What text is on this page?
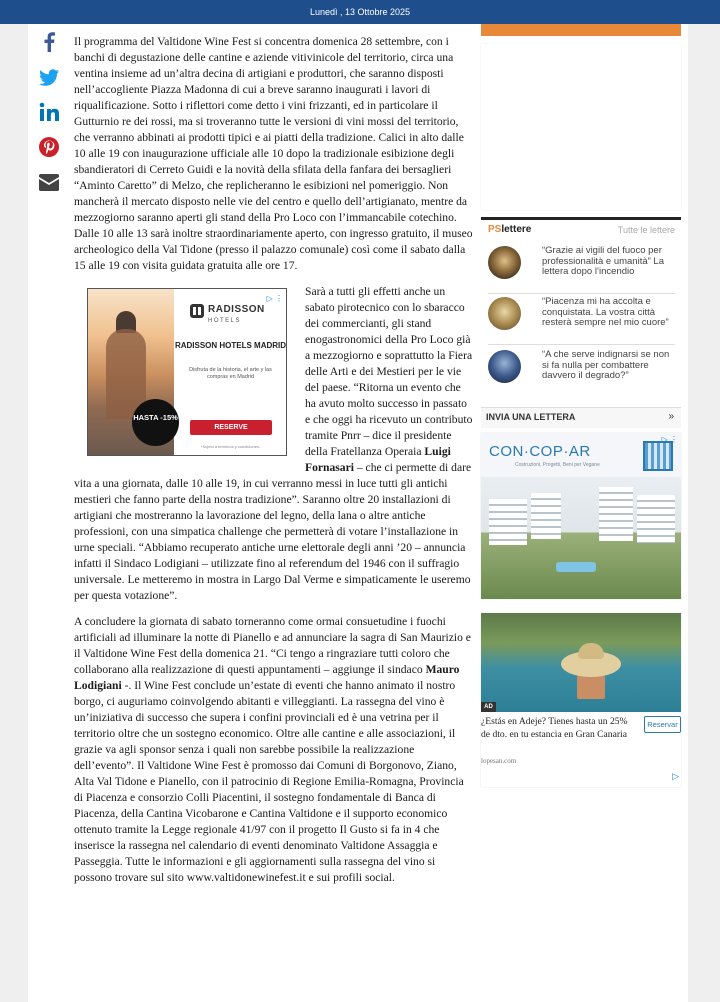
Lunedì , 13 Ottobre 2025

Il programma del Valtidone Wine Fest si concentra domenica 28 settembre, con i banchi di degustazione delle cantine e aziende vitivinicole del territorio, circa una ventina insieme ad un’altra decina di artigiani e produttori, che saranno disposti nell’accogliente Piazza Madonna di cui a breve saranno inaugurati i lavori di riqualificazione. Sotto i riflettori come detto i vini frizzanti, ed in particolare il Gutturnio re dei rossi, ma si troveranno tutte le versioni di vini mossi del territorio, che verranno abbinati ai prodotti tipici e ai piatti della tradizione. Calici in alto dalle 10 alle 19 con inaugurazione ufficiale alle 10 dopo la tradizionale esibizione degli sbandieratori di Cerreto Guidi e la novità della sfilata della fanfara dei bersaglieri “Aminto Caretto” di Melzo, che replicheranno le esibizioni nel pomeriggio. Non mancherà il mercato disposto nelle vie del centro e quello dell’artigianato, mentre da mezzogiorno saranno aperti gli stand della Pro Loco con l’immancabile cotechino. Dalle 10 alle 13 sarà inoltre straordinariamente aperto, con ingresso gratuito, il museo archeologico della Val Tidone (presso il palazzo comunale) così come il sabato dalla 15 alle 19 con visita guidata gratuita alle ore 17.

RADISSON
HOTELS
RADISSON HOTELS MADRID
Disfruta de la historia, el arte y las compras en Madrid
RESERVE
*Sujeto a términos y condiciones.
HASTA -15%
▷ ⋮

Sarà a tutti gli effetti anche un sabato pirotecnico con lo sbaracco dei commercianti, gli stand enogastronomici della Pro Loco già a mezzogiorno e soprattutto la Fiera delle Arti e dei Mestieri per le vie del paese. “Ritorna un evento che ha avuto molto successo in passato e che oggi ha ricevuto un contributo tramite Pnrr – dice il presidente della Fratellanza Operaia Luigi Fornasari – che ci permette di dare vita a una giornata, dalle 10 alle 19, in cui verranno messi in luce tutti gli antichi mestieri che fanno parte della nostra tradizione”. Saranno oltre 20 installazioni di artigiani che mostreranno la lavorazione del legno, della lana o altre antiche professioni, con una simpatica challenge che permetterà di votare l’installazione in urne speciali. “Abbiamo recuperato antiche urne elettorale degli anni ’20 – annuncia infatti il Sindaco Lodigiani – utilizzate fino al referendum del 1946 con il suffragio universale. Le metteremo in mostra in Largo Dal Verme e simpaticamente le useremo per questa votazione”.

A concludere la giornata di sabato torneranno come ormai consuetudine i fuochi artificiali ad illuminare la notte di Pianello e ad annunciare la sagra di San Maurizio e il Valtidone Wine Fest della domenica 21. “Ci tengo a ringraziare tutti coloro che collaborano alla realizzazione di questi appuntamenti – aggiunge il sindaco Mauro Lodigiani -. Il Wine Fest conclude un’estate di eventi che hanno animato il nostro borgo, ci auguriamo coinvolgendo abitanti e villeggianti. La rassegna del vino è un’iniziativa di successo che supera i confini provinciali ed è una vetrina per il territorio oltre che un sostegno economico. Oltre alle cantine e alle associazioni, il grazie va agli sponsor senza i quali non sarebbe possibile la realizzazione dell’evento”. Il Valtidone Wine Fest è promosso dai Comuni di Borgonovo, Ziano, Alta Val Tidone e Pianello, con il patrocinio di Regione Emilia-Romagna, Provincia di Piacenza e consorzio Colli Piacentini, il sostegno fondamentale di Banca di Piacenza, della Cantina Vicobarone e Cantina Valtidone e il supporto economico ottenuto tramite la Legge regionale 41/97 con il progetto Il Gusto si fa in 4 che inserisce la rassegna nel calendario di eventi denominato Valtidone Assaggia e Passeggia. Tutte le informazioni e gli aggiornamenti sulla rassegna del vino si possono trovare sul sito www.valtidonewinefest.it e sui profili social.

PSlettere	Tutte le lettere
“Grazie ai vigili del fuoco per professionalità e umanità” La lettera dopo l’incendio
“Piacenza mi ha accolta e conquistata. La vostra città resterà sempre nel mio cuore”
“A che serve indignarsi se non si fa nulla per combattere davvero il degrado?”
INVIA UNA LETTERA	»
CON·COP·AR
Costruzioni, Progetti, Beni per Vegane
▷ ⋮
AD
¿Estás en Adeje? Tienes hasta un 25% de dto. en tu estancia en Gran Canaria
lopesan.com
Reservar
▷
